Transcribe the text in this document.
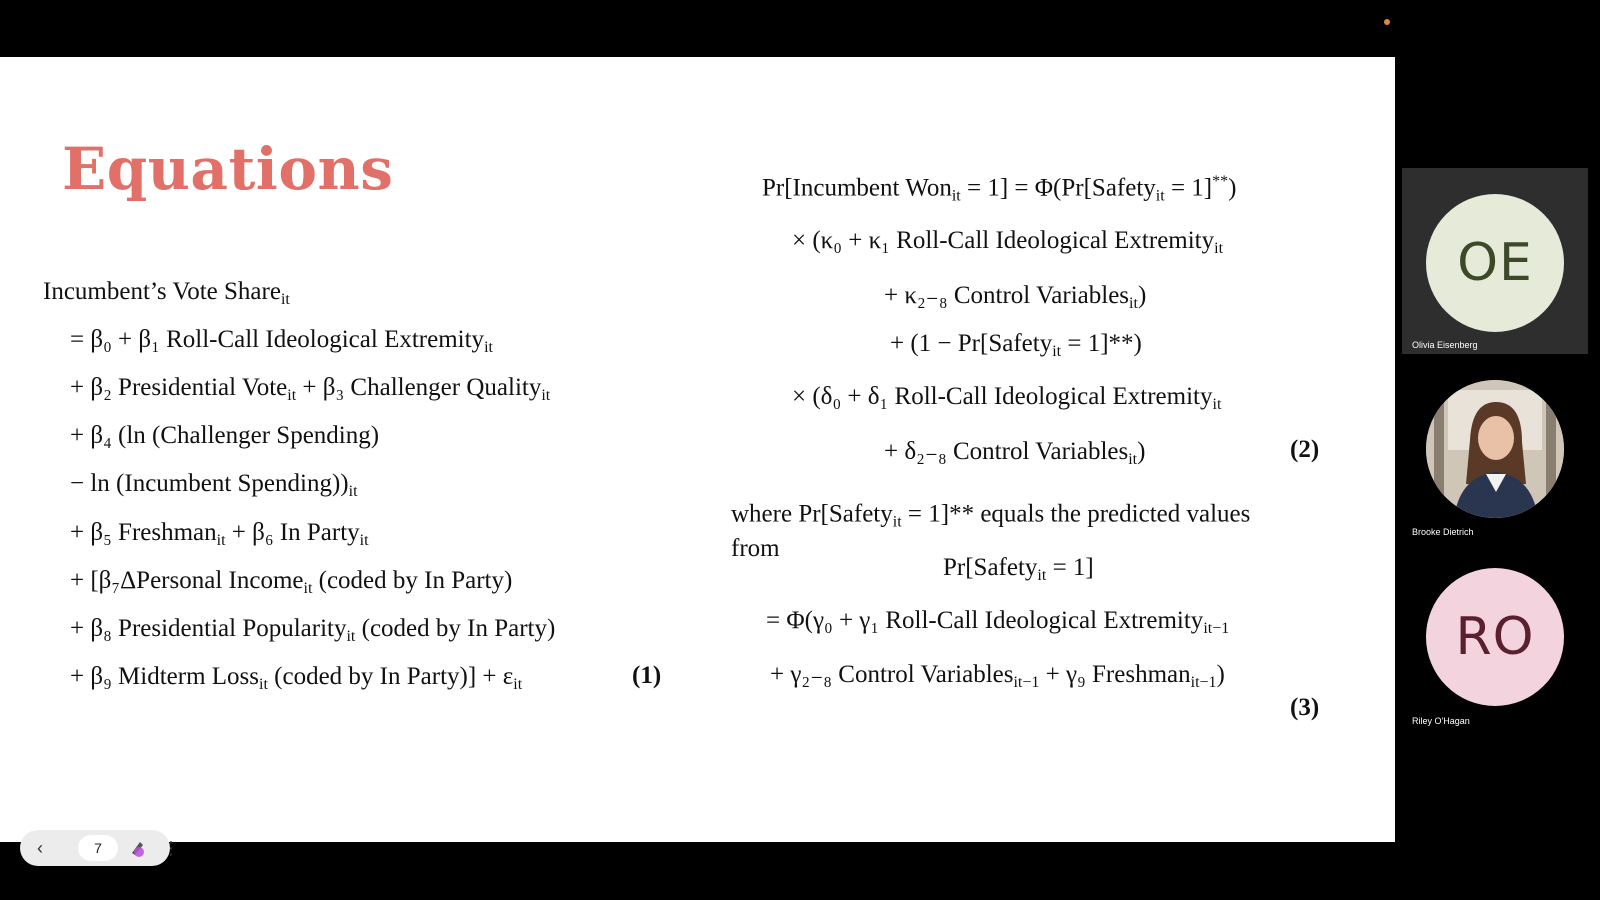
Equations
Incumbent’s Vote Share$_{it}$
= β₀ + β₁ Roll-Call Ideological Extremity$_{it}$
+ β₂ Presidential Vote$_{it}$ + β₃ Challenger Quality$_{it}$
+ β₄ (ln (Challenger Spending)
− ln (Incumbent $Spending))_{it}$
+ β₅ Freshman$_{it}$ + β₆ In Party$_{it}$
+ [β₇ΔPersonal Income$_{it}$ (coded by In Party)
+ β₈ Presidential Popularity$_{it}$ (coded by In Party)
+ β₉ Midterm Loss$_{it}$ (coded by In Party)] + $\varepsilon_{it}$	(1)
Pr[Incumbent Won$_{it}$ = 1] = Φ(Pr[Safety$_{it}$ = 1]**)
× (κ₀ + κ₁ Roll-Call Ideological Extremity$_{it}$
+ κ₂₋₈ Control Variables$_{it}$)
+ (1 − Pr[Safety$_{it}$ = 1]**)
× (δ₀ + δ₁ Roll-Call Ideological Extremity$_{it}$
+ δ₂₋₈ Control Variables$_{it}$)	(2)
where Pr[Safety$_{it}$ = 1]** equals the predicted valuesfrom
Pr[Safety$_{it}$ = 1]
= Φ(γ₀ + γ₁ Roll-Call Ideological Extremity$_{it-1}$
+ γ₂₋₈ Control Variables$_{it-1}$ + γ₉ Freshman$_{it-1}$)
(3)
OE
Olivia Eisenberg
Brooke Dietrich
RO
Riley O'Hagan
‹	7	⋮
